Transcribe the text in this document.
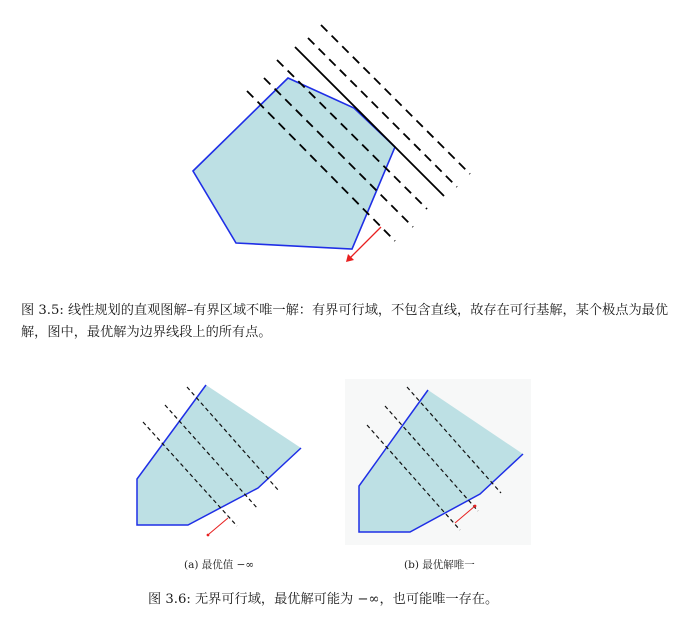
图 3.5: 线性规划的直观图解–有界区域不唯一解：有界可行域，不包含直线，故存在可行基解，某个极点为最优解，图中，最优解为边界线段上的所有点。
(a) 最优值 −∞	(b) 最优解唯一
图 3.6: 无界可行域，最优解可能为 −∞，也可能唯一存在。
